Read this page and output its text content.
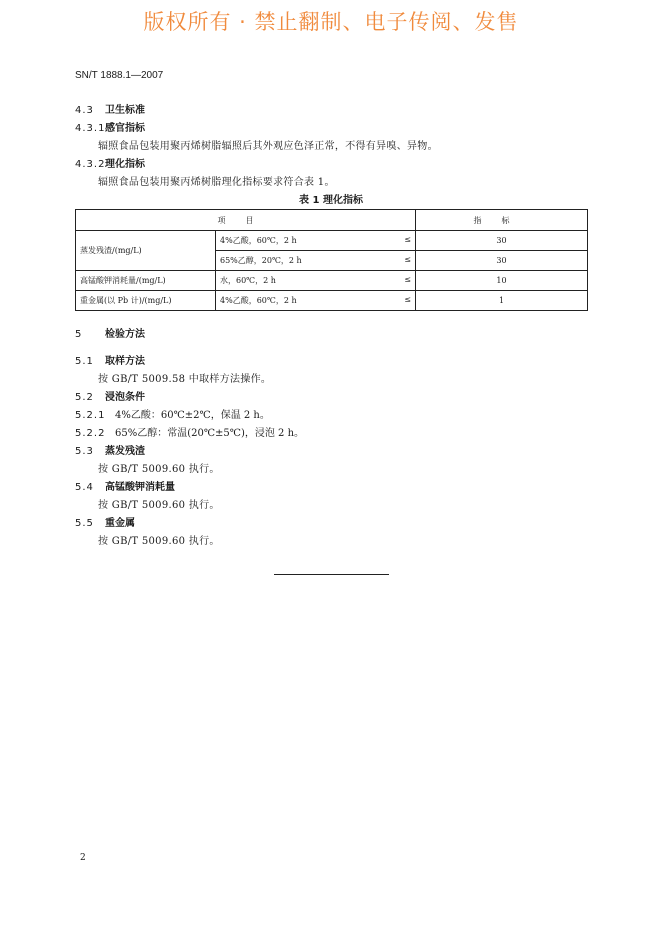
版权所有 · 禁止翻制、电子传阅、发售
SN/T 1888.1—2007
4.3 卫生标准
4.3.1感官指标
辐照食品包装用聚丙烯树脂辐照后其外观应色泽正常，不得有异嗅、异物。
4.3.2理化指标
辐照食品包装用聚丙烯树脂理化指标要求符合表 1。
表 1 理化指标
项目		指标
蒸发残渣/(mg/L)	4%乙酸，60℃，2 h ≤	30

	65%乙醇，20℃，2 h ≤	30
高锰酸钾消耗量/(mg/L)	水，60℃，2 h ≤	10
重金属(以 Pb 计)/(mg/L)	4%乙酸，60℃，2 h ≤	1
5 检验方法
5.1 取样方法
按 GB/T 5009.58 中取样方法操作。
5.2 浸泡条件
5.2.1 4%乙酸：60℃±2℃，保温 2 h。
5.2.2 65%乙醇：常温(20℃±5℃)，浸泡 2 h。
5.3 蒸发残渣
按 GB/T 5009.60 执行。
5.4 高锰酸钾消耗量
按 GB/T 5009.60 执行。
5.5 重金属
按 GB/T 5009.60 执行。
2
